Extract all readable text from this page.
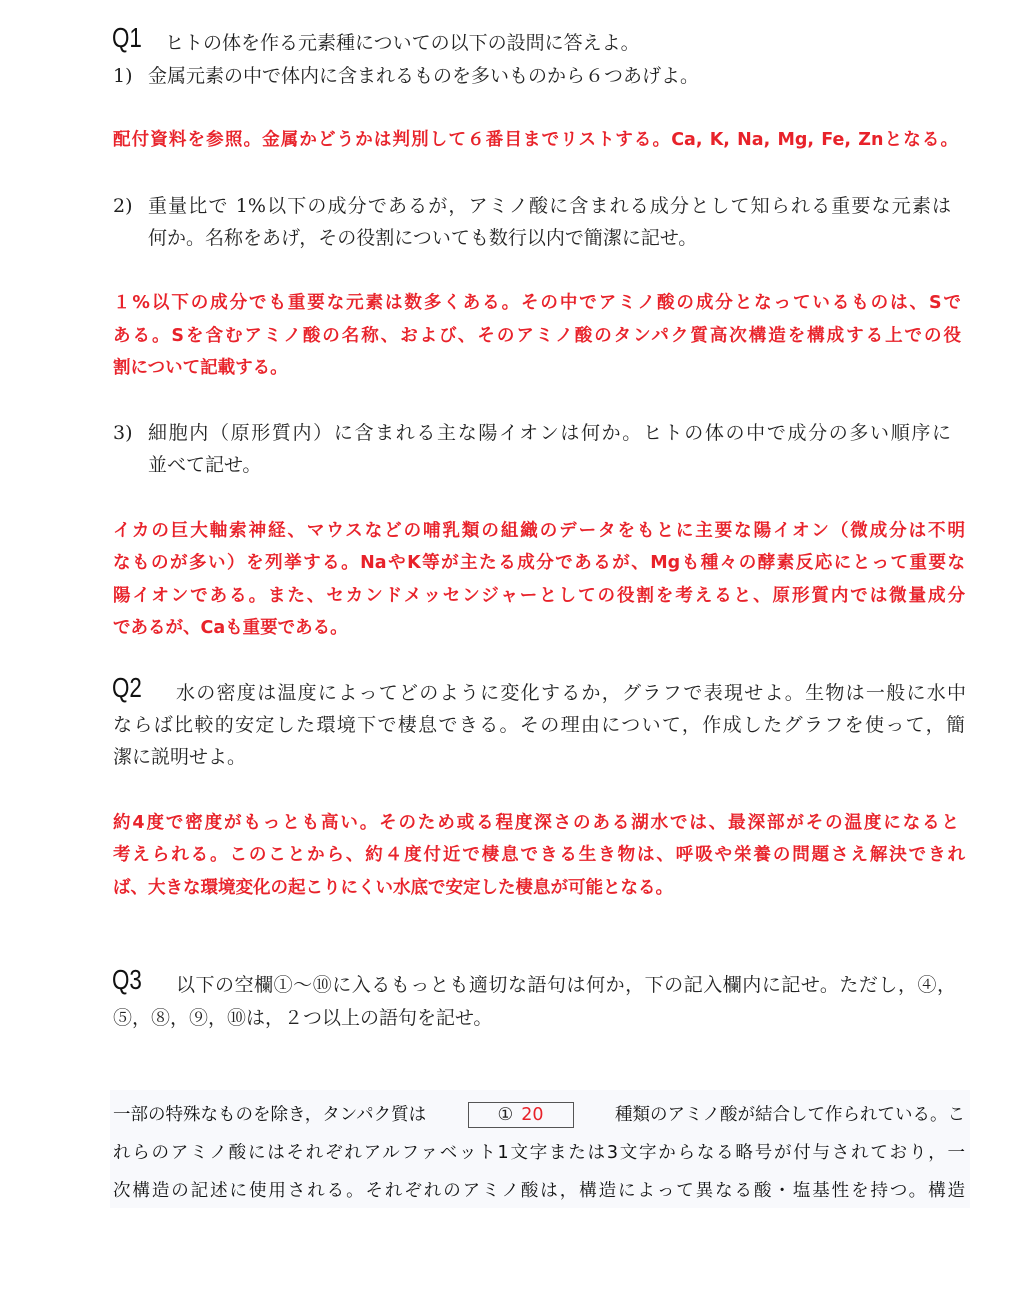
Q1 ヒトの体を作る元素種についての以下の設問に答えよ。
1) 金属元素の中で体内に含まれるものを多いものから６つあげよ。
配付資料を参照。金属かどうかは判別して６番目までリストする。Ca, K, Na, Mg, Fe, Znとなる。
2) 重量比で 1%以下の成分であるが，アミノ酸に含まれる成分として知られる重要な元素は
何か。名称をあげ，その役割についても数行以内で簡潔に記せ。
１%以下の成分でも重要な元素は数多くある。その中でアミノ酸の成分となっているものは、Sで
ある。Sを含むアミノ酸の名称、および、そのアミノ酸のタンパク質高次構造を構成する上での役
割について記載する。
3) 細胞内（原形質内）に含まれる主な陽イオンは何か。ヒトの体の中で成分の多い順序に
並べて記せ。
イカの巨大軸索神経、マウスなどの哺乳類の組織のデータをもとに主要な陽イオン（微成分は不明
なものが多い）を列挙する。NaやK等が主たる成分であるが、Mgも種々の酵素反応にとって重要な
陽イオンである。また、セカンドメッセンジャーとしての役割を考えると、原形質内では微量成分
であるが、Caも重要である。
Q2 水の密度は温度によってどのように変化するか，グラフで表現せよ。生物は一般に水中
ならば比較的安定した環境下で棲息できる。その理由について，作成したグラフを使って，簡
潔に説明せよ。
約4度で密度がもっとも高い。そのため或る程度深さのある湖水では、最深部がその温度になると
考えられる。このことから、約４度付近で棲息できる生き物は、呼吸や栄養の問題さえ解決できれ
ば、大きな環境変化の起こりにくい水底で安定した棲息が可能となる。
Q3 以下の空欄①～⑩に入るもっとも適切な語句は何か，下の記入欄内に記せ。ただし，④，
⑤，⑧，⑨，⑩は，２つ以上の語句を記せ。
一部の特殊なものを除き，タンパク質は	① 20	種類のアミノ酸が結合して作られている。こ
れらのアミノ酸にはそれぞれアルファベット1文字または3文字からなる略号が付与されており，一
次構造の記述に使用される。それぞれのアミノ酸は，構造によって異なる酸・塩基性を持つ。構造
